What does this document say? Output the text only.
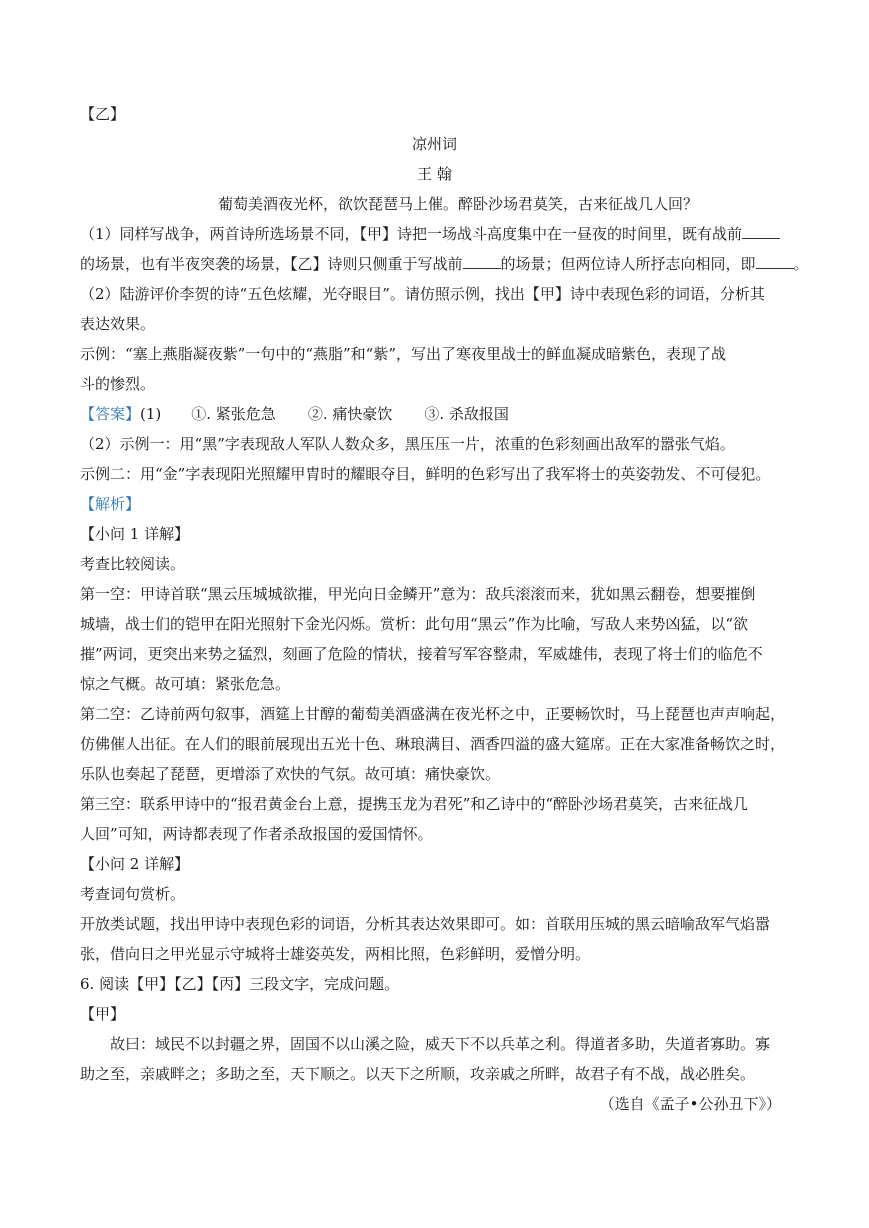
【乙】
凉州词
王 翰
葡萄美酒夜光杯，欲饮琵琶马上催。醉卧沙场君莫笑，古来征战几人回？
（1）同样写战争，两首诗所选场景不同，【甲】诗把一场战斗高度集中在一昼夜的时间里，既有战前
的场景，也有半夜突袭的场景，【乙】诗则只侧重于写战前	的场景；但两位诗人所抒志向相同，即	。
（2）陆游评价李贺的诗“五色炫耀，光夺眼目”。请仿照示例，找出【甲】诗中表现色彩的词语，分析其
表达效果。
示例：“塞上燕脂凝夜紫”一句中的“燕脂”和“紫”，写出了寒夜里战士的鲜血凝成暗紫色，表现了战
斗的惨烈。
【答案】(1) ①. 紧张危急 ②. 痛快豪饮 ③. 杀敌报国
（2）示例一：用“黑”字表现敌人军队人数众多，黑压压一片，浓重的色彩刻画出敌军的嚣张气焰。
示例二：用“金”字表现阳光照耀甲胄时的耀眼夺目，鲜明的色彩写出了我军将士的英姿勃发、不可侵犯。
【解析】
【小问 1 详解】
考查比较阅读。
第一空：甲诗首联“黑云压城城欲摧，甲光向日金鳞开”意为：敌兵滚滚而来，犹如黑云翻卷，想要摧倒
城墙，战士们的铠甲在阳光照射下金光闪烁。赏析：此句用“黑云”作为比喻，写敌人来势凶猛，以“欲
摧”两词，更突出来势之猛烈，刻画了危险的情状，接着写军容整肃，军威雄伟，表现了将士们的临危不
惊之气概。故可填：紧张危急。
第二空：乙诗前两句叙事，酒筵上甘醇的葡萄美酒盛满在夜光杯之中，正要畅饮时，马上琵琶也声声响起，
仿佛催人出征。在人们的眼前展现出五光十色、琳琅满目、酒香四溢的盛大筵席。正在大家准备畅饮之时，
乐队也奏起了琵琶，更增添了欢快的气氛。故可填：痛快豪饮。
第三空：联系甲诗中的“报君黄金台上意，提携玉龙为君死”和乙诗中的“醉卧沙场君莫笑，古来征战几
人回”可知，两诗都表现了作者杀敌报国的爱国情怀。
【小问 2 详解】
考查词句赏析。
开放类试题，找出甲诗中表现色彩的词语，分析其表达效果即可。如：首联用压城的黑云暗喻敌军气焰嚣
张，借向日之甲光显示守城将士雄姿英发，两相比照，色彩鲜明，爱憎分明。
6. 阅读【甲】【乙】【丙】三段文字，完成问题。
【甲】
故曰：域民不以封疆之界，固国不以山溪之险，威天下不以兵革之利。得道者多助，失道者寡助。寡
助之至，亲戚畔之；多助之至，天下顺之。以天下之所顺，攻亲戚之所畔，故君子有不战，战必胜矣。
（选自《孟子•公孙丑下》）
